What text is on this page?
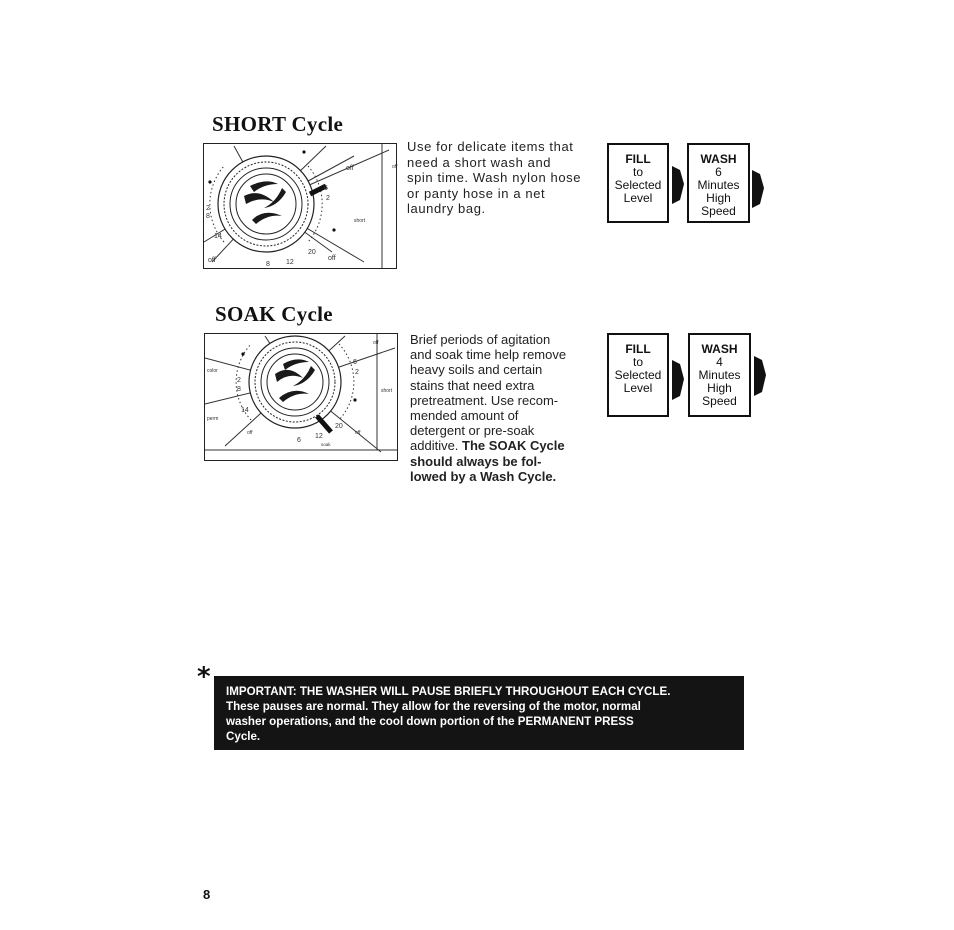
SHORT Cycle
off
2
8
14
off
8 12
20
off
6
2
short
off
Use for delicate items that
need a short wash and
spin time. Wash nylon hose
or panty hose in a net
laundry bag.
FILL
to
Selected
Level
WASH
6
Minutes
High
Speed
SOAK Cycle
off
color
2
8
14
perm
off
6
12
soak
20
off
6
2
short
Brief periods of agitation
and soak time help remove
heavy soils and certain
stains that need extra
pretreatment. Use recom-
mended amount of
detergent or pre-soak
additive. The SOAK Cycle
should always be fol-
lowed by a Wash Cycle.
FILL
to
Selected
Level
WASH
4
Minutes
High
Speed
* IMPORTANT: THE WASHER WILL PAUSE BRIEFLY THROUGHOUT EACH CYCLE.
These pauses are normal. They allow for the reversing of the motor, normal
washer operations, and the cool down portion of the PERMANENT PRESS
Cycle.
8
